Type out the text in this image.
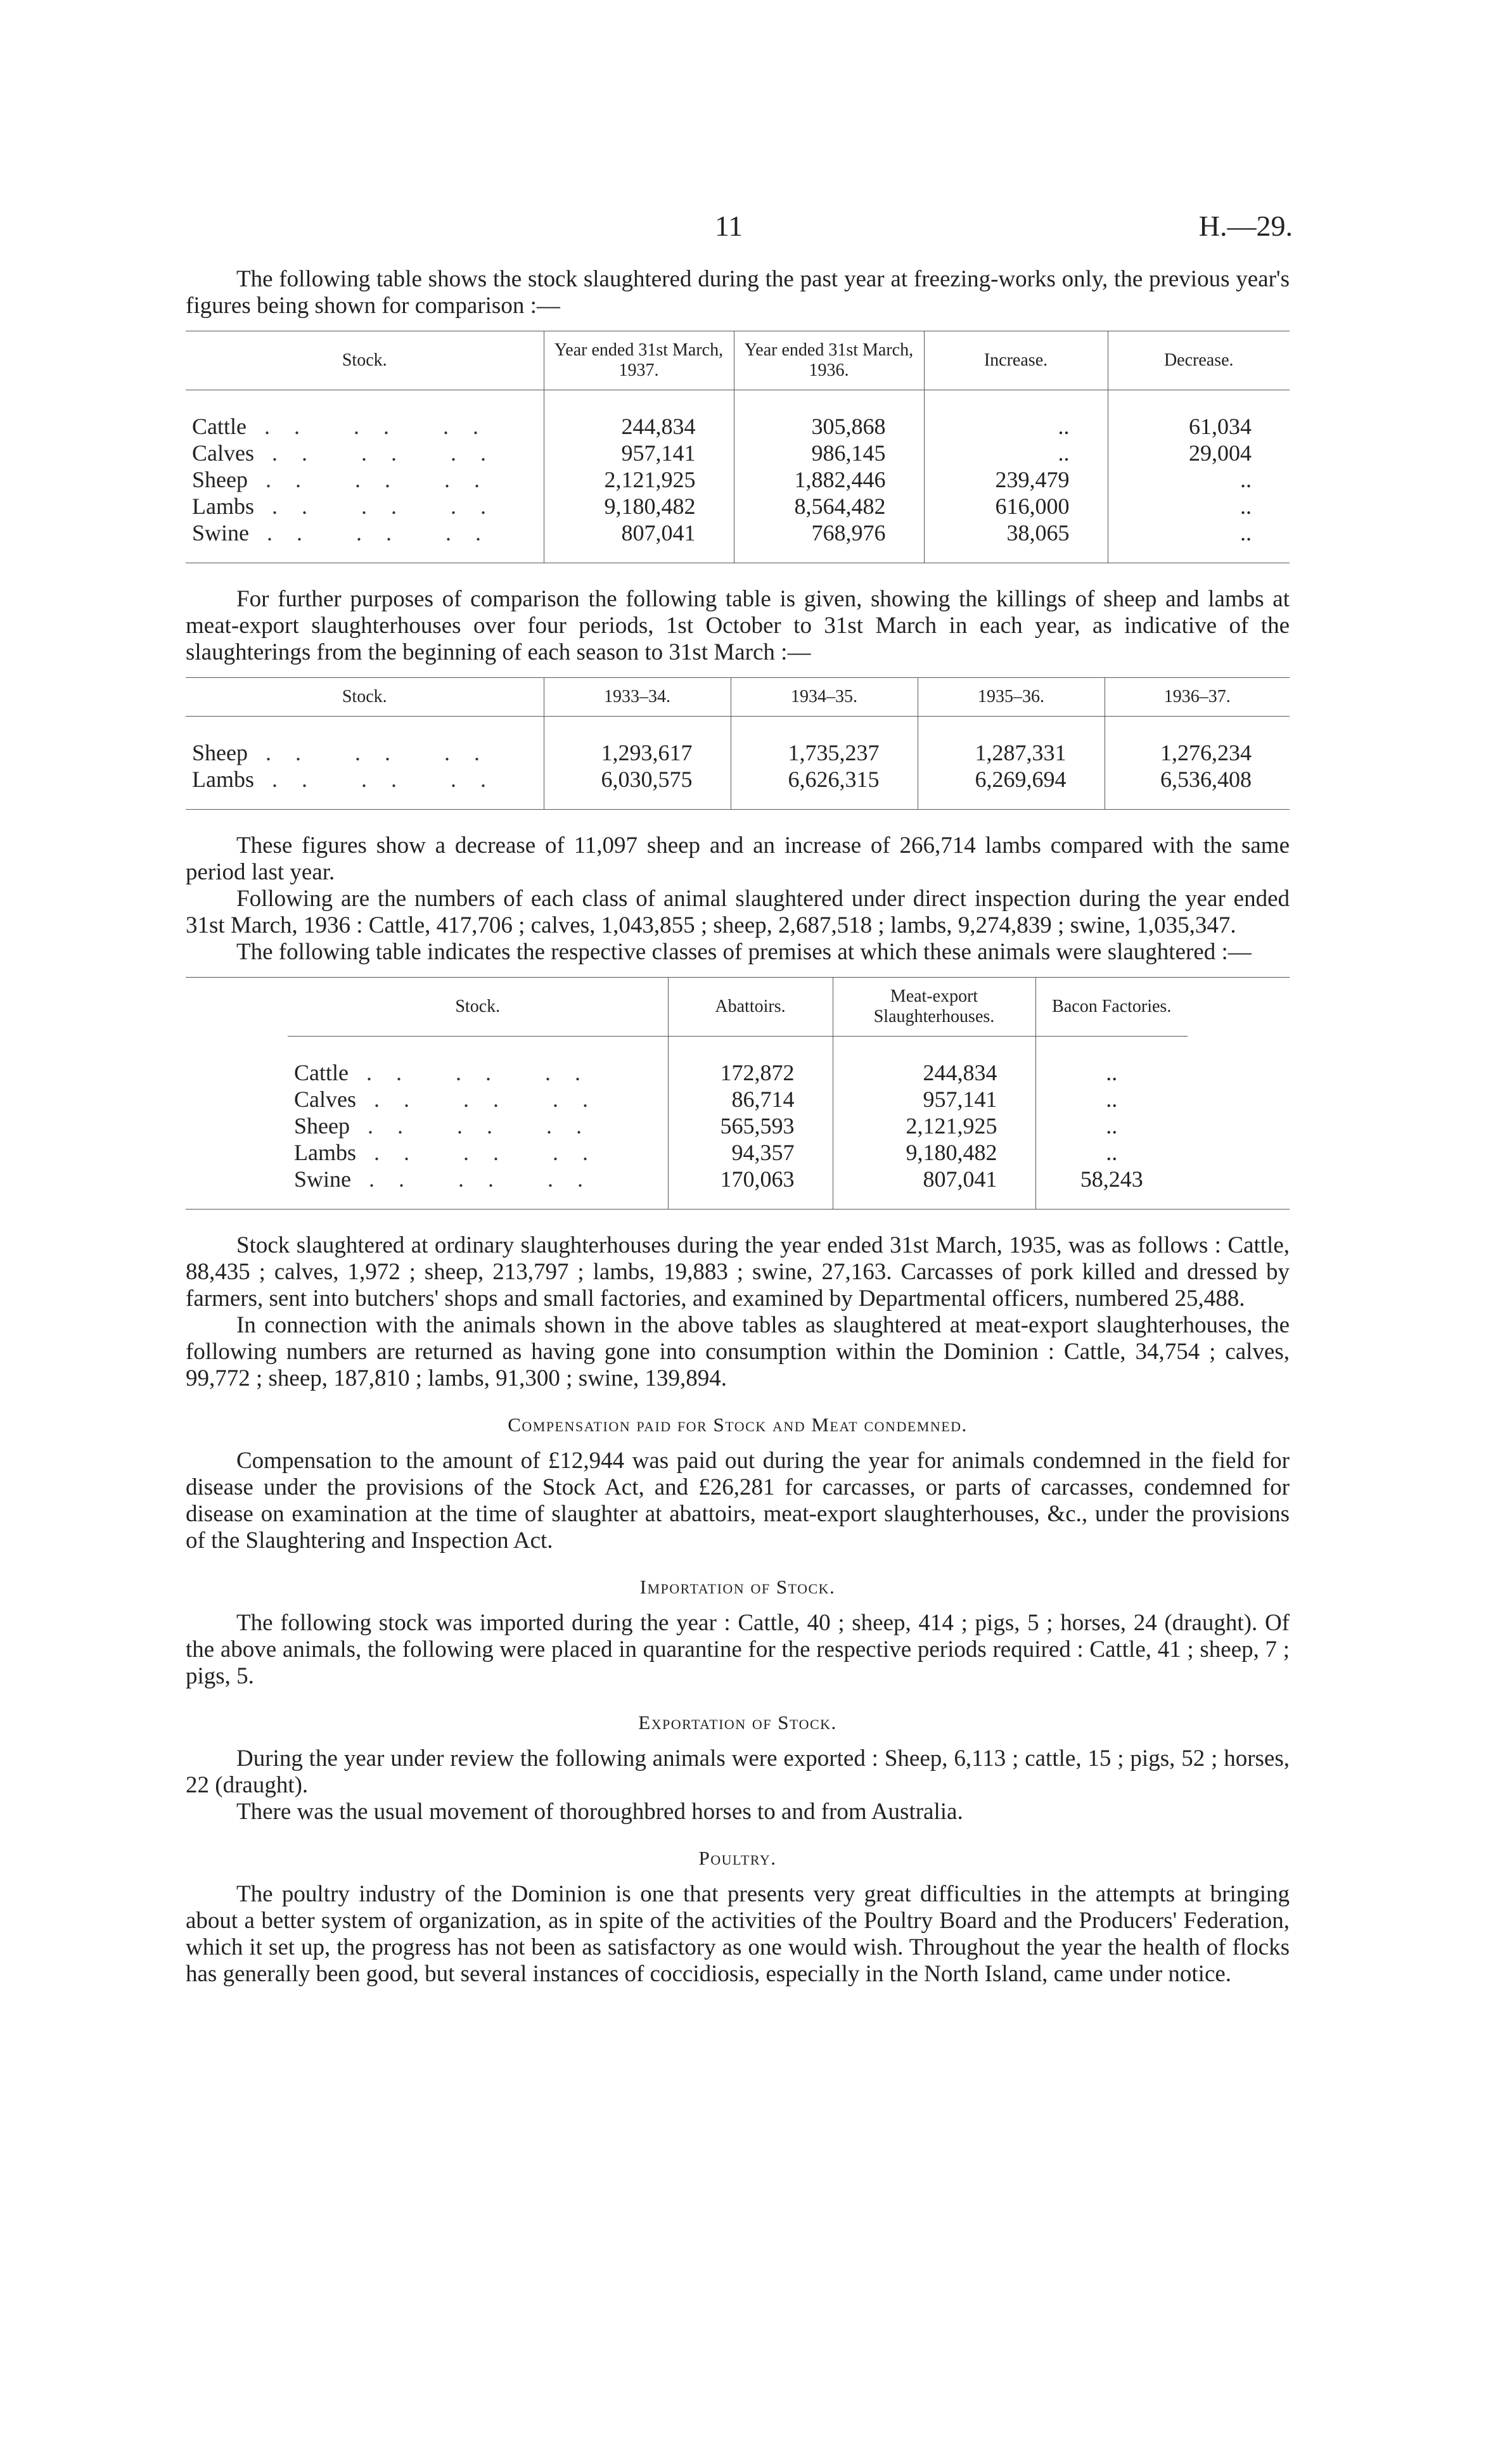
11	H.—29.

The following table shows the stock slaughtered during the past year at freezing-works only, the previous year's figures being shown for comparison :—

Stock.	Year ended 31st March, 1937.	Year ended 31st March, 1936.	Increase.	Decrease.
Cattle .. .. ..	244,834	305,868	..	61,034
Calves .. .. ..	957,141	986,145	..	29,004
Sheep .. .. ..	2,121,925	1,882,446	239,479	..
Lambs .. .. ..	9,180,482	8,564,482	616,000	..
Swine .. .. ..	807,041	768,976	38,065	..

For further purposes of comparison the following table is given, showing the killings of sheep and lambs at meat-export slaughterhouses over four periods, 1st October to 31st March in each year, as indicative of the slaughterings from the beginning of each season to 31st March :—

Stock.	1933–34.	1934–35.	1935–36.	1936–37.
Sheep .. .. ..	1,293,617	1,735,237	1,287,331	1,276,234
Lambs .. .. ..	6,030,575	6,626,315	6,269,694	6,536,408

These figures show a decrease of 11,097 sheep and an increase of 266,714 lambs compared with the same period last year.

Following are the numbers of each class of animal slaughtered under direct inspection during the year ended 31st March, 1936 : Cattle, 417,706 ; calves, 1,043,855 ; sheep, 2,687,518 ; lambs, 9,274,839 ; swine, 1,035,347.

The following table indicates the respective classes of premises at which these animals were slaughtered :—

Stock.	Abattoirs.	Meat-export Slaughterhouses.	Bacon Factories.
Cattle .. .. ..	172,872	244,834	..
Calves .. .. ..	86,714	957,141	..
Sheep .. .. ..	565,593	2,121,925	..
Lambs .. .. ..	94,357	9,180,482	..
Swine .. .. ..	170,063	807,041	58,243

Stock slaughtered at ordinary slaughterhouses during the year ended 31st March, 1935, was as follows : Cattle, 88,435 ; calves, 1,972 ; sheep, 213,797 ; lambs, 19,883 ; swine, 27,163. Carcasses of pork killed and dressed by farmers, sent into butchers' shops and small factories, and examined by Departmental officers, numbered 25,488.

In connection with the animals shown in the above tables as slaughtered at meat-export slaughterhouses, the following numbers are returned as having gone into consumption within the Dominion : Cattle, 34,754 ; calves, 99,772 ; sheep, 187,810 ; lambs, 91,300 ; swine, 139,894.

Compensation paid for Stock and Meat condemned.

Compensation to the amount of £12,944 was paid out during the year for animals condemned in the field for disease under the provisions of the Stock Act, and £26,281 for carcasses, or parts of carcasses, condemned for disease on examination at the time of slaughter at abattoirs, meat-export slaughterhouses, &c., under the provisions of the Slaughtering and Inspection Act.

Importation of Stock.

The following stock was imported during the year : Cattle, 40 ; sheep, 414 ; pigs, 5 ; horses, 24 (draught). Of the above animals, the following were placed in quarantine for the respective periods required : Cattle, 41 ; sheep, 7 ; pigs, 5.

Exportation of Stock.

During the year under review the following animals were exported : Sheep, 6,113 ; cattle, 15 ; pigs, 52 ; horses, 22 (draught).

There was the usual movement of thoroughbred horses to and from Australia.

Poultry.

The poultry industry of the Dominion is one that presents very great difficulties in the attempts at bringing about a better system of organization, as in spite of the activities of the Poultry Board and the Producers' Federation, which it set up, the progress has not been as satisfactory as one would wish. Throughout the year the health of flocks has generally been good, but several instances of coccidiosis, especially in the North Island, came under notice.
